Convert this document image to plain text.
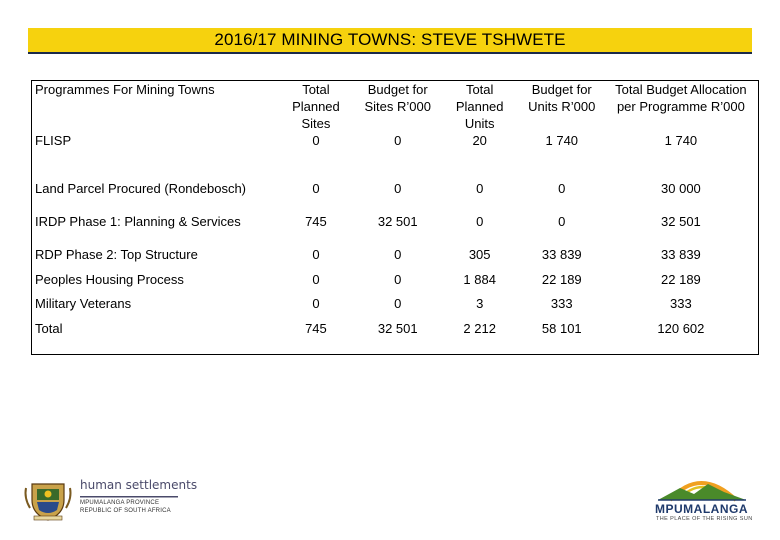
2016/17 MINING TOWNS: STEVE TSHWETE
Programmes For Mining Towns	Total Planned Sites	Budget for Sites R’000	Total Planned Units	Budget for Units R’000	Total Budget Allocation per Programme R’000
FLISP	0	0	20	1 740	1 740
Land Parcel Procured (Rondebosch)	0	0	0	0	30 000
IRDP Phase 1: Planning & Services	745	32 501	0	0	32 501
RDP Phase 2: Top Structure	0	0	305	33 839	33 839
Peoples Housing Process	0	0	1 884	22 189	22 189
Military Veterans	0	0	3	333	333
Total	745	32 501	2 212	58 101	120 602
human settlements
MPUMALANGA PROVINCE
REPUBLIC OF SOUTH AFRICA	MPUMALANGA
THE PLACE OF THE RISING SUN
